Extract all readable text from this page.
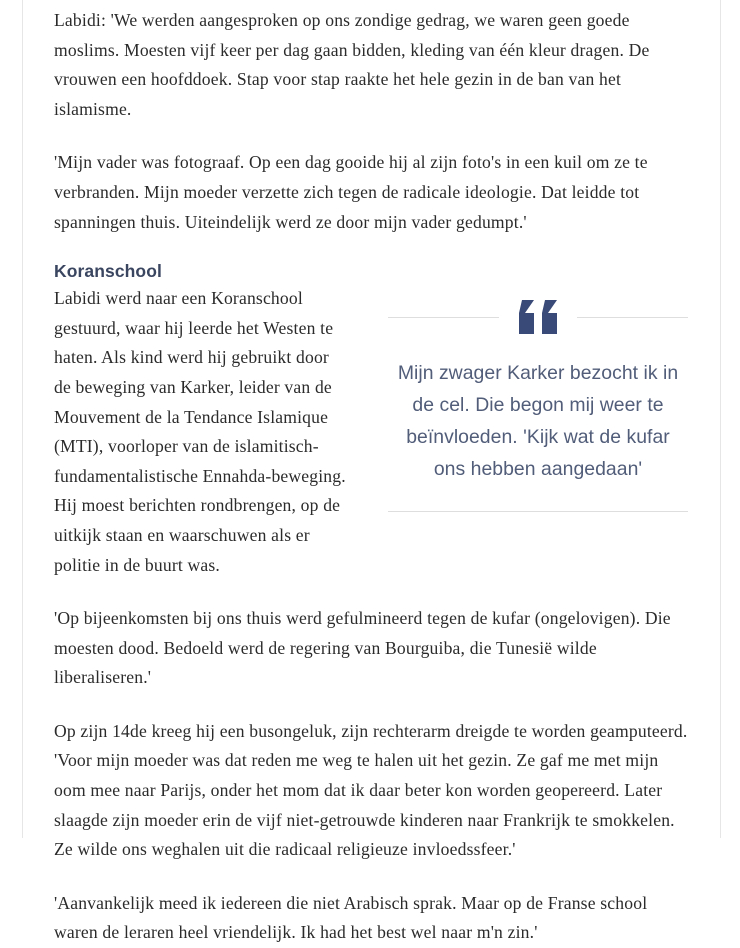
Labidi: 'We werden aangesproken op ons zondige gedrag, we waren geen goede moslims. Moesten vijf keer per dag gaan bidden, kleding van één kleur dragen. De vrouwen een hoofddoek. Stap voor stap raakte het hele gezin in de ban van het islamisme.

'Mijn vader was fotograaf. Op een dag gooide hij al zijn foto's in een kuil om ze te verbranden. Mijn moeder verzette zich tegen de radicale ideologie. Dat leidde tot spanningen thuis. Uiteindelijk werd ze door mijn vader gedumpt.'

Mijn zwager Karker bezocht ik in de cel. Die begon mij weer te beïnvloeden. 'Kijk wat de kufar ons hebben aangedaan'

Koranschool

Labidi werd naar een Koranschool gestuurd, waar hij leerde het Westen te haten. Als kind werd hij gebruikt door de beweging van Karker, leider van de Mouvement de la Tendance Islamique (MTI), voorloper van de islamitisch-fundamentalistische Ennahda-beweging. Hij moest berichten rondbrengen, op de uitkijk staan en waarschuwen als er politie in de buurt was.

'Op bijeenkomsten bij ons thuis werd gefulmineerd tegen de kufar (ongelovigen). Die moesten dood. Bedoeld werd de regering van Bourguiba, die Tunesië wilde liberaliseren.'

Op zijn 14de kreeg hij een busongeluk, zijn rechterarm dreigde te worden geamputeerd. 'Voor mijn moeder was dat reden me weg te halen uit het gezin. Ze gaf me met mijn oom mee naar Parijs, onder het mom dat ik daar beter kon worden geopereerd. Later slaagde zijn moeder erin de vijf niet-getrouwde kinderen naar Frankrijk te smokkelen. Ze wilde ons weghalen uit die radicaal religieuze invloedssfeer.'

'Aanvankelijk meed ik iedereen die niet Arabisch sprak. Maar op de Franse school waren de leraren heel vriendelijk. Ik had het best wel naar m'n zin.'
